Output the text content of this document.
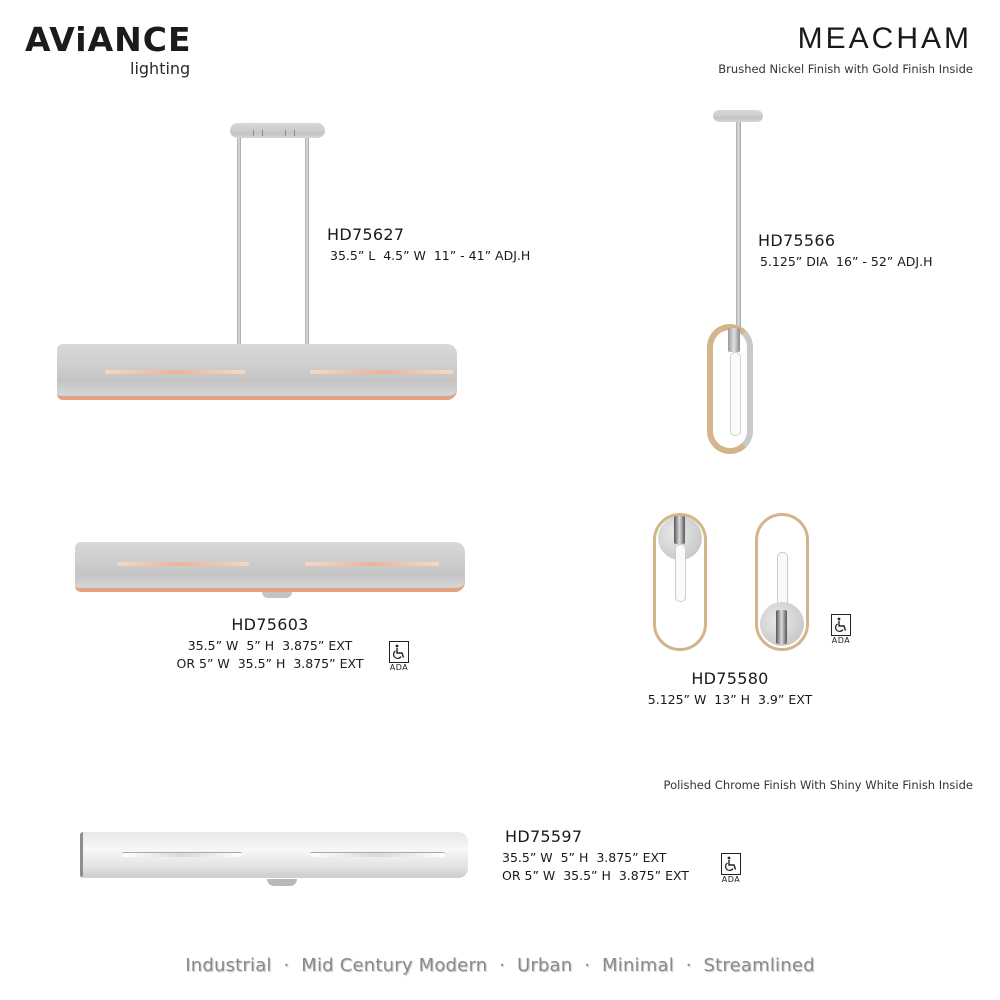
AViANCE
lighting
MEACHAM
Brushed Nickel Finish with Gold Finish Inside
HD75627
35.5” L  4.5” W  11” - 41” ADJ.H
HD75566
5.125” DIA  16” - 52” ADJ.H
HD75603
35.5” W  5” H  3.875” EXT
OR 5” W  35.5” H  3.875” EXT	ADA
ADA
HD75580
5.125” W  13” H  3.9” EXT
Polished Chrome Finish With Shiny White Finish Inside
HD75597
35.5” W  5” H  3.875” EXT
OR 5” W  35.5” H  3.875” EXT	ADA
Industrial  ·  Mid Century Modern  ·  Urban  ·  Minimal  ·  Streamlined
